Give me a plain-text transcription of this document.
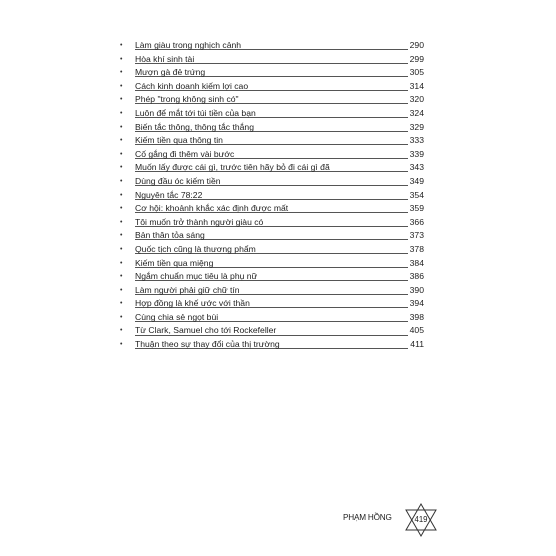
•	Làm giàu trong nghịch cảnh	290
•	Hòa khí sinh tài	299
•	Mượn gà đẻ trứng	305
•	Cách kinh doanh kiếm lợi cao	314
•	Phép "trong không sinh có"	320
•	Luôn để mắt tới túi tiền của bạn	324
•	Biến tắc thông, thông tắc thắng	329
•	Kiếm tiền qua thông tin	333
•	Cố gắng đi thêm vài bước	339
•	Muốn lấy được cái gì, trước tiên hãy bỏ đi cái gì đã	343
•	Dùng đầu óc kiếm tiền	349
•	Nguyên tắc 78:22	354
•	Cơ hội: khoảnh khắc xác định được mất	359
•	Tôi muốn trở thành người giàu có	366
•	Bản thân tỏa sáng	373
•	Quốc tịch cũng là thương phẩm	378
•	Kiếm tiền qua miệng	384
•	Ngắm chuẩn mục tiêu là phụ nữ	386
•	Làm người phải giữ chữ tín	390
•	Hợp đồng là khế ước với thần	394
•	Cùng chia sẻ ngọt bùi	398
•	Từ Clark, Samuel cho tới Rockefeller	405
•	Thuận theo sự thay đổi của thị trường	411
PHẠM HỒNG	419
